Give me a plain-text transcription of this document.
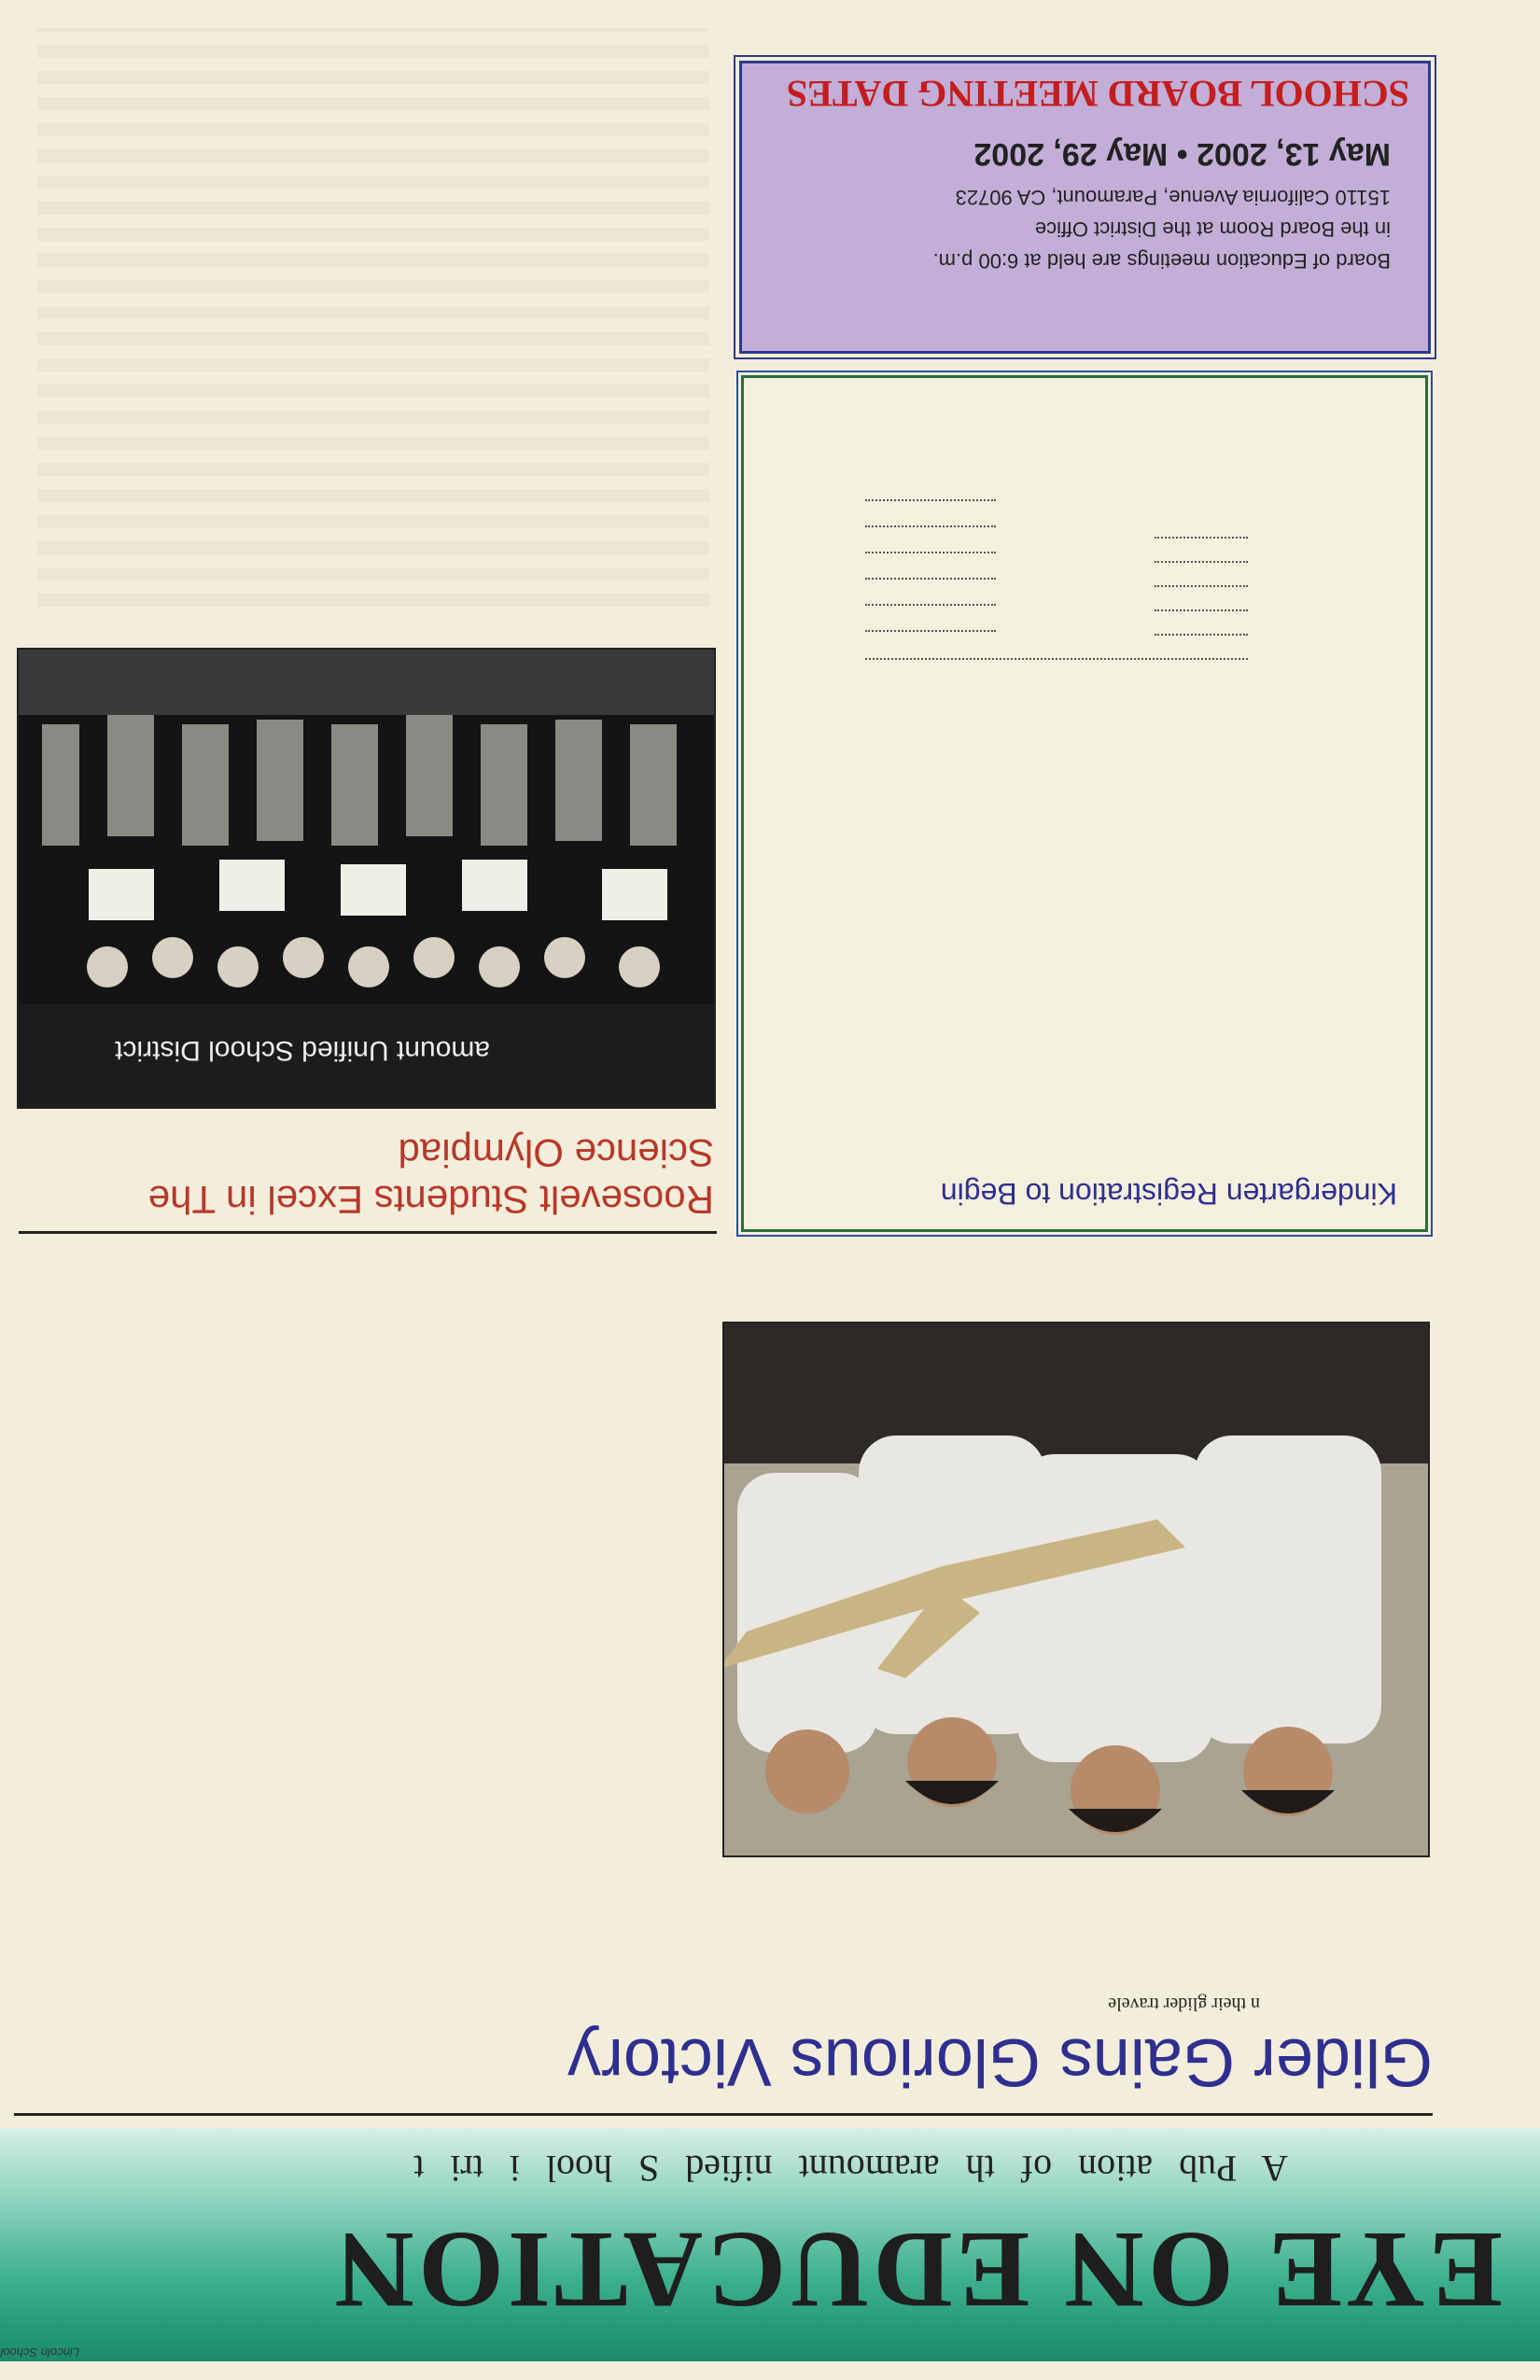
Lincoln School
EYE ON EDUCATION
A Pub ation of th aramount nified S hool i tri t
Glider Gains Glorious Victory
n their glider travele
Kindergarten Registration to Begin
SCHOOL BOARD MEETING DATES
May 13, 2002 • May 29, 2002
Board of Education meetings are held at 6:00 p.m.
in the Board Room at the District Office
15110 California Avenue, Paramount, CA 90723
Roosevelt Students Excel in The Science Olympiad
amount Unified School District
